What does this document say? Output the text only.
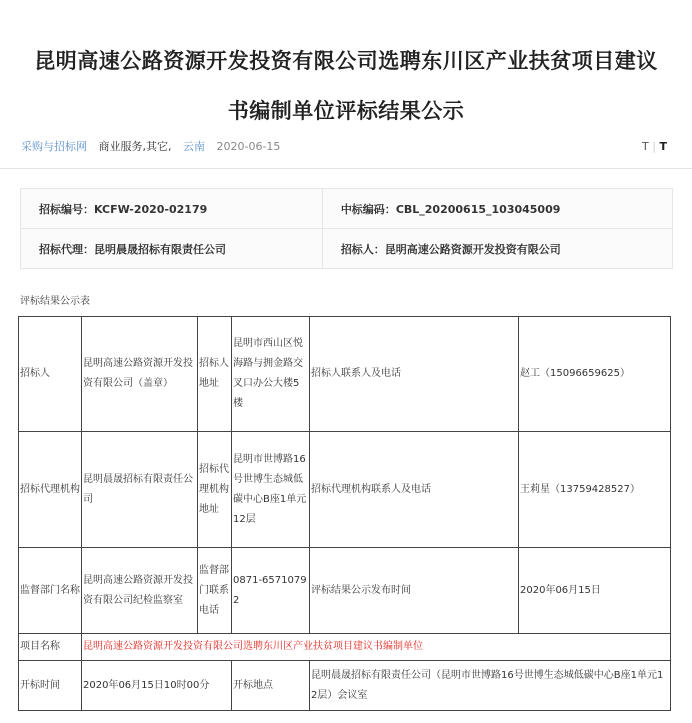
昆明高速公路资源开发投资有限公司选聘东川区产业扶贫项目建议
书编制单位评标结果公示
采购与招标网 商业服务,其它, 云南 2020-06-15	T | T
招标编号：KCFW-2020-02179	中标编码：CBL_20200615_103045009
招标代理：昆明晨晟招标有限责任公司	招标人：昆明高速公路资源开发投资有限公司
评标结果公示表
招标人	昆明高速公路资源开发投资有限公司（盖章）	招标人地址	昆明市西山区悦海路与拥金路交叉口办公大楼5楼	招标人联系人及电话	赵工（15096659625）
招标代理机构	昆明晨晟招标有限责任公司	招标代理机构地址	昆明市世博路16号世博生态城低碳中心B座1单元12层	招标代理机构联系人及电话	王莉星（13759428527）
监督部门名称	昆明高速公路资源开发投资有限公司纪检监察室	监督部门联系电话	0871-65710792	评标结果公示发布时间	2020年06月15日
项目名称	昆明高速公路资源开发投资有限公司选聘东川区产业扶贫项目建议书编制单位				
开标时间	2020年06月15日10时00分		开标地点	昆明晨晟招标有限责任公司（昆明市世博路16号世博生态城低碳中心B座1单元12层）会议室	
